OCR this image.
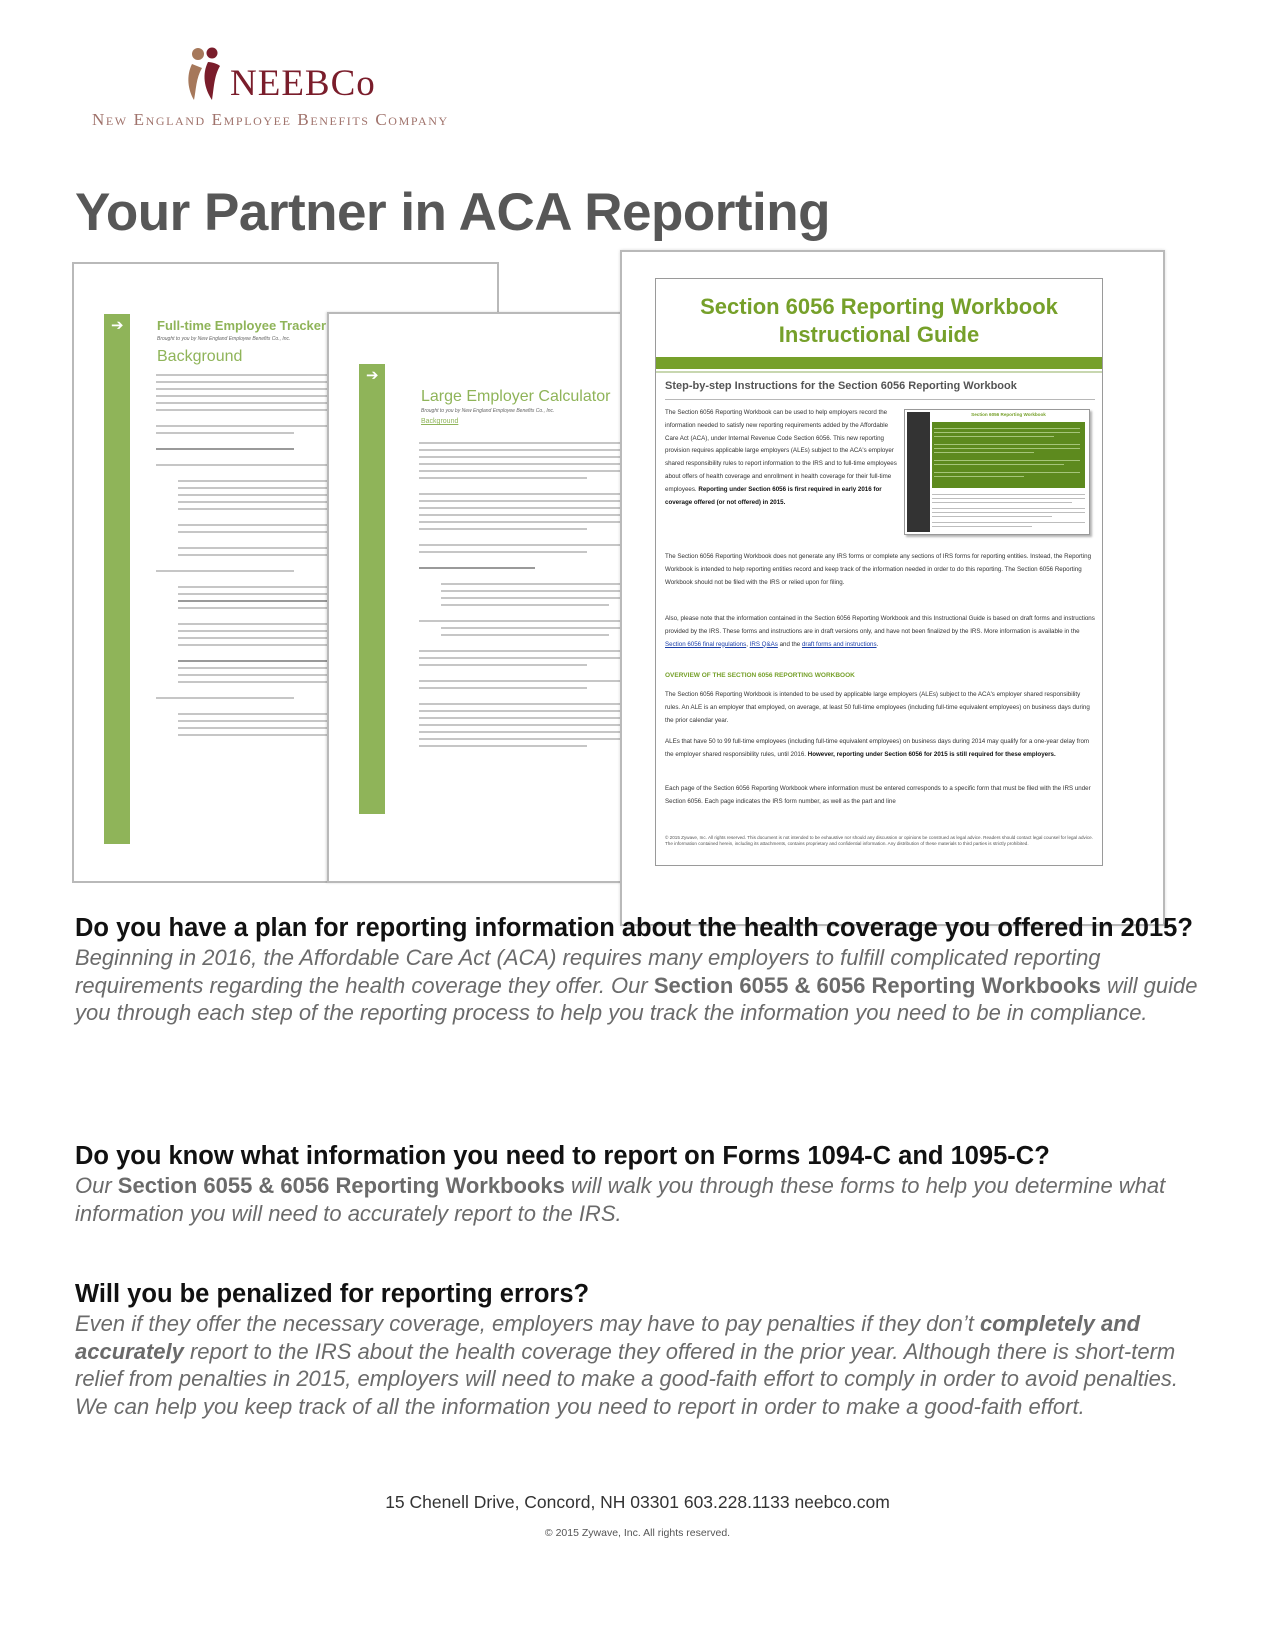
NEEBCo
New England Employee Benefits Company
Your Partner in ACA Reporting
➔	Full-time Employee Tracker
Brought to you by New England Employee Benefits Co., Inc.
Background
➔
Large Employer Calculator
Brought to you by New England Employee Benefits Co., Inc.
Background
Section 6056 Reporting Workbook
Instructional Guide
Step-by-step Instructions for the Section 6056 Reporting Workbook
The Section 6056 Reporting Workbook can be used to help employers record the information needed to satisfy new reporting requirements added by the Affordable Care Act (ACA), under Internal Revenue Code Section 6056. This new reporting provision requires applicable large employers (ALEs) subject to the ACA's employer shared responsibility rules to report information to the IRS and to full-time employees about offers of health coverage and enrollment in health coverage for their full-time employees. Reporting under Section 6056 is first required in early 2016 for coverage offered (or not offered) in 2015.
Section 6056 Reporting Workbook
The Section 6056 Reporting Workbook does not generate any IRS forms or complete any sections of IRS forms for reporting entities. Instead, the Reporting Workbook is intended to help reporting entities record and keep track of the information needed in order to do this reporting. The Section 6056 Reporting Workbook should not be filed with the IRS or relied upon for filing.
Also, please note that the information contained in the Section 6056 Reporting Workbook and this Instructional Guide is based on draft forms and instructions provided by the IRS. These forms and instructions are in draft versions only, and have not been finalized by the IRS. More information is available in the Section 6056 final regulations, IRS Q&As and the draft forms and instructions.
OVERVIEW OF THE SECTION 6056 REPORTING WORKBOOK
The Section 6056 Reporting Workbook is intended to be used by applicable large employers (ALEs) subject to the ACA's employer shared responsibility rules. An ALE is an employer that employed, on average, at least 50 full-time employees (including full-time equivalent employees) on business days during the prior calendar year.
ALEs that have 50 to 99 full-time employees (including full-time equivalent employees) on business days during 2014 may qualify for a one-year delay from the employer shared responsibility rules, until 2016. However, reporting under Section 6056 for 2015 is still required for these employers.
Each page of the Section 6056 Reporting Workbook where information must be entered corresponds to a specific form that must be filed with the IRS under Section 6056. Each page indicates the IRS form number, as well as the part and line
© 2015 Zywave, Inc. All rights reserved. This document is not intended to be exhaustive nor should any discussion or opinions be construed as legal advice. Readers should contact legal counsel for legal advice. The information contained herein, including its attachments, contains proprietary and confidential information. Any distribution of these materials to third parties is strictly prohibited.
Do you have a plan for reporting information about the health coverage you offered in 2015?

Beginning in 2016, the Affordable Care Act (ACA) requires many employers to fulfill complicated reporting requirements regarding the health coverage they offer. Our Section 6055 & 6056 Reporting Workbooks will guide you through each step of the reporting process to help you track the information you need to be in compliance.

Do you know what information you need to report on Forms 1094-C and 1095-C?

Our Section 6055 & 6056 Reporting Workbooks will walk you through these forms to help you determine what information you will need to accurately report to the IRS.

Will you be penalized for reporting errors?

Even if they offer the necessary coverage, employers may have to pay penalties if they don’t completely and accurately report to the IRS about the health coverage they offered in the prior year. Although there is short-term relief from penalties in 2015, employers will need to make a good-faith effort to comply in order to avoid penalties. We can help you keep track of all the information you need to report in order to make a good-faith effort.

15 Chenell Drive, Concord, NH 03301 603.228.1133 neebco.com
© 2015 Zywave, Inc. All rights reserved.
